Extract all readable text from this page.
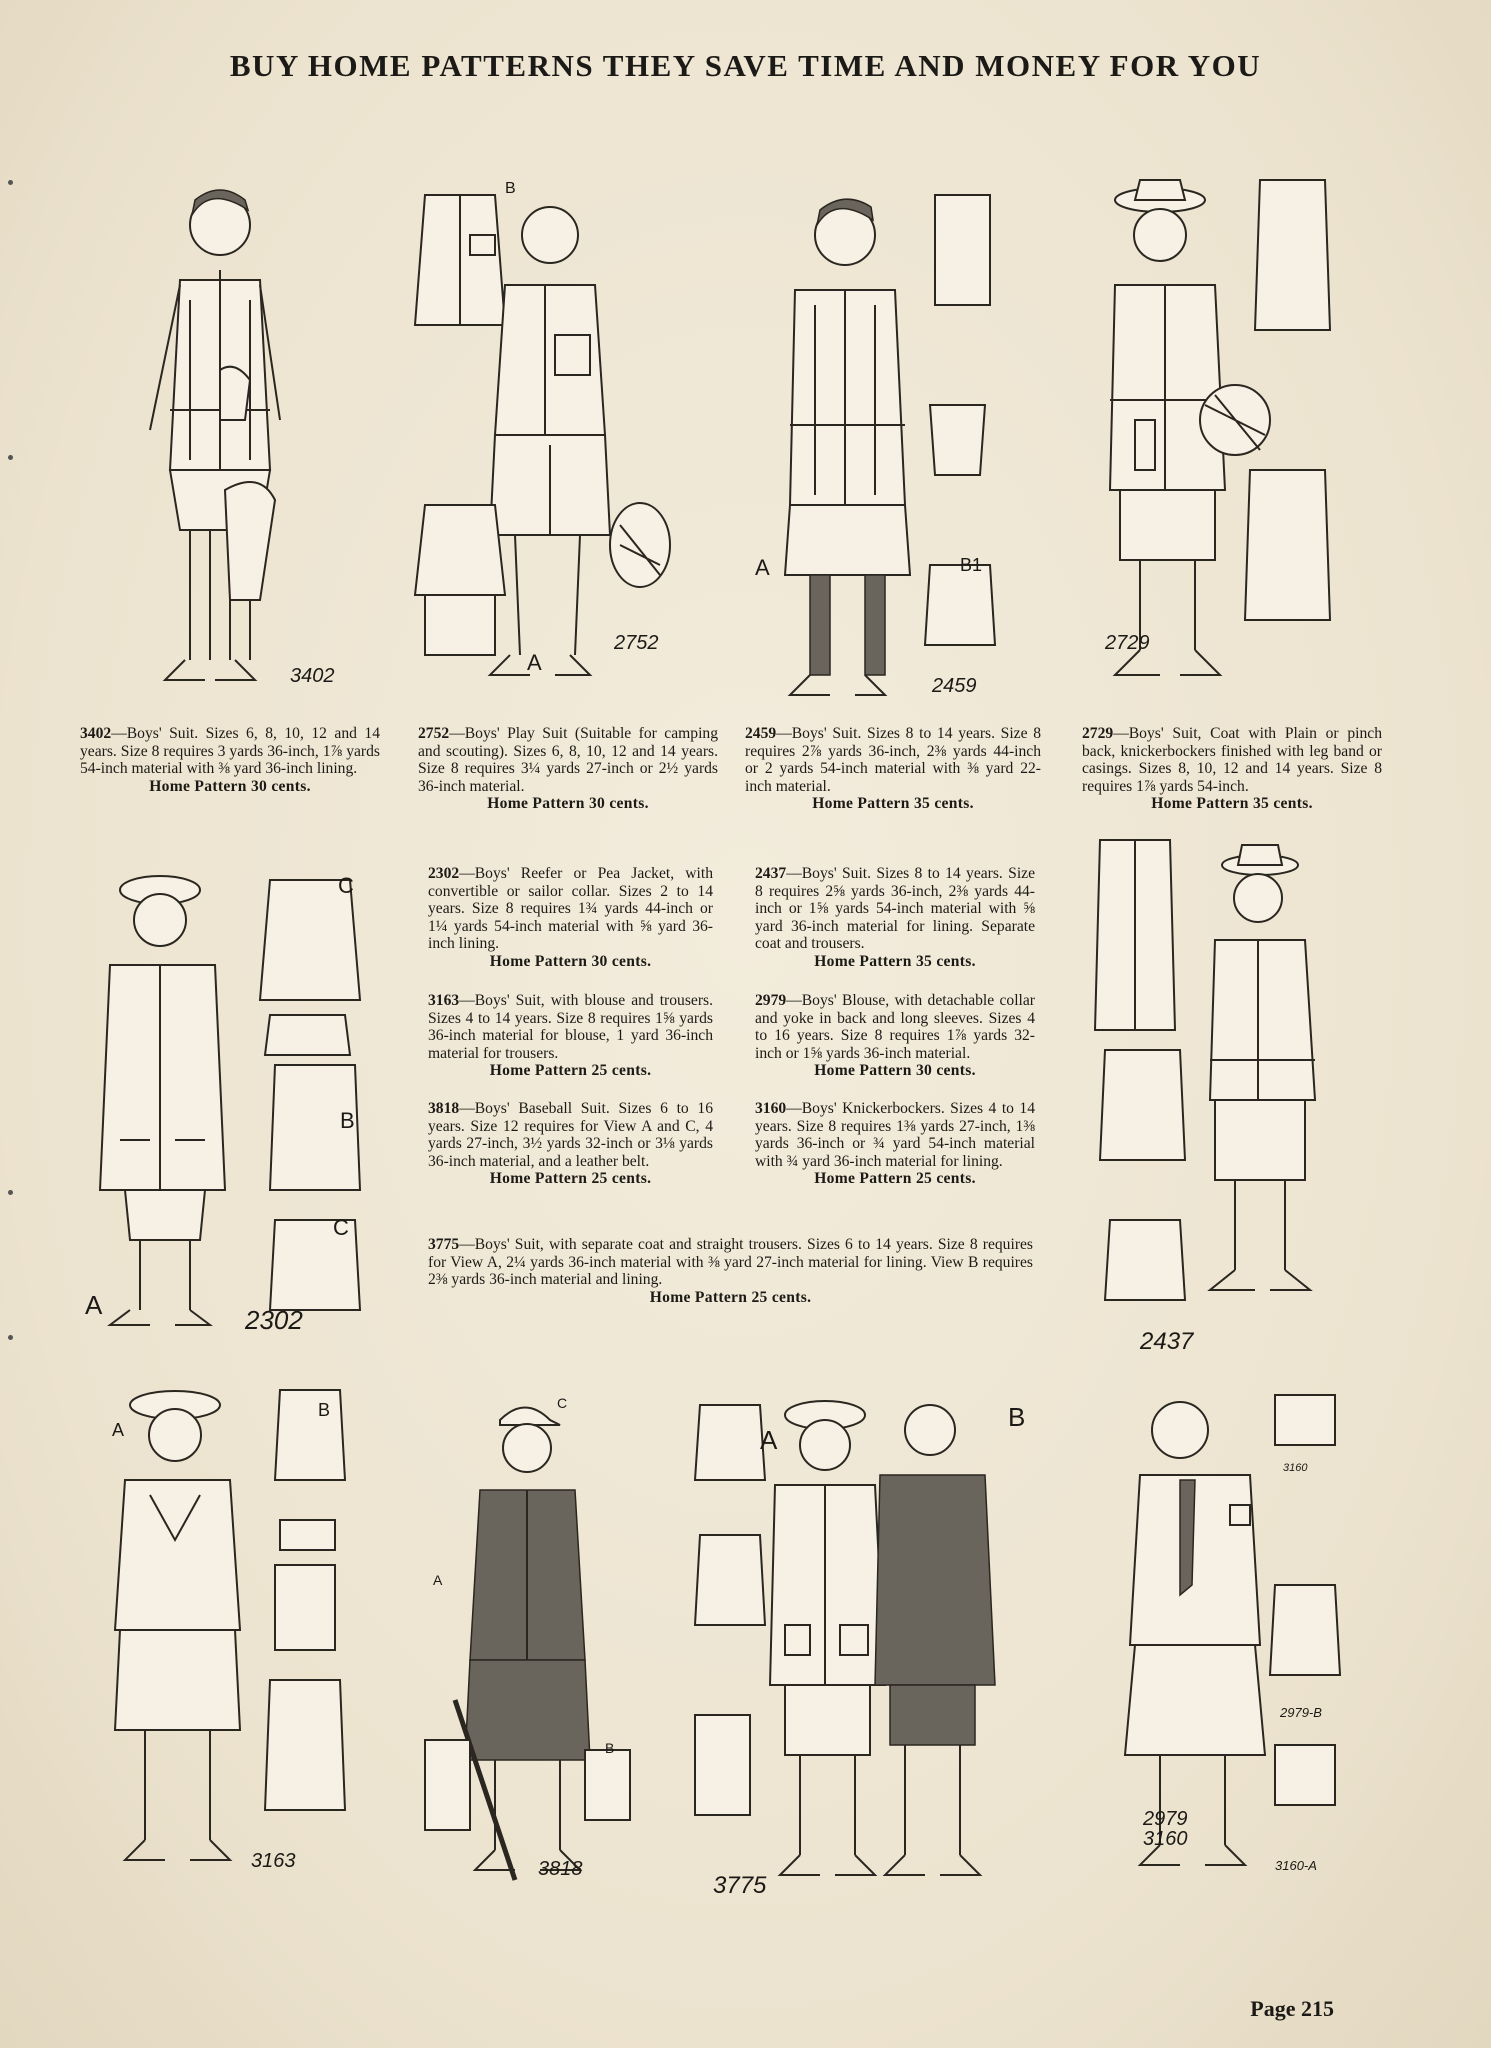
BUY HOME PATTERNS THEY SAVE TIME AND MONEY FOR YOU
3402
2752
A
B
2459
A	B1
2729
3402—Boys' Suit. Sizes 6, 8, 10, 12 and 14 years. Size 8 requires 3 yards 36-inch, 1⅞ yards 54-inch material with ⅜ yard 36-inch lining.
Home Pattern 30 cents.
2752—Boys' Play Suit (Suitable for camping and scouting). Sizes 6, 8, 10, 12 and 14 years. Size 8 requires 3¼ yards 27-inch or 2½ yards 36-inch material.
Home Pattern 30 cents.
2459—Boys' Suit. Sizes 8 to 14 years. Size 8 requires 2⅞ yards 36-inch, 2⅜ yards 44-inch or 2 yards 54-inch material with ⅜ yard 22-inch material.
Home Pattern 35 cents.
2729—Boys' Suit, Coat with Plain or pinch back, knickerbockers finished with leg band or casings. Sizes 8, 10, 12 and 14 years. Size 8 requires 1⅞ yards 54-inch.
Home Pattern 35 cents.
2302
A
C
B
C
2302—Boys' Reefer or Pea Jacket, with convertible or sailor collar. Sizes 2 to 14 years. Size 8 requires 1¾ yards 44-inch or 1¼ yards 54-inch material with ⅝ yard 36-inch lining.
Home Pattern 30 cents.
3163—Boys' Suit, with blouse and trousers. Sizes 4 to 14 years. Size 8 requires 1⅝ yards 36-inch material for blouse, 1 yard 36-inch material for trousers.
Home Pattern 25 cents.
3818—Boys' Baseball Suit. Sizes 6 to 16 years. Size 12 requires for View A and C, 4 yards 27-inch, 3½ yards 32-inch or 3⅛ yards 36-inch material, and a leather belt.
Home Pattern 25 cents.
2437—Boys' Suit. Sizes 8 to 14 years. Size 8 requires 2⅝ yards 36-inch, 2⅜ yards 44-inch or 1⅝ yards 54-inch material with ⅝ yard 36-inch material for lining. Separate coat and trousers.
Home Pattern 35 cents.
2979—Boys' Blouse, with detachable collar and yoke in back and long sleeves. Sizes 4 to 16 years. Size 8 requires 1⅞ yards 32-inch or 1⅝ yards 36-inch material.
Home Pattern 30 cents.
3160—Boys' Knickerbockers. Sizes 4 to 14 years. Size 8 requires 1⅜ yards 27-inch, 1⅜ yards 36-inch or ¾ yard 54-inch material with ¾ yard 36-inch material for lining.
Home Pattern 25 cents.
3775—Boys' Suit, with separate coat and straight trousers. Sizes 6 to 14 years. Size 8 requires for View A, 2¼ yards 36-inch material with ⅜ yard 27-inch material for lining. View B requires 2⅜ yards 36-inch material and lining.
Home Pattern 25 cents.
2437
3163
A
B
3818
C
A
B
3775
A
B
2979
3160
3160
2979-B
3160-A
Page 215
